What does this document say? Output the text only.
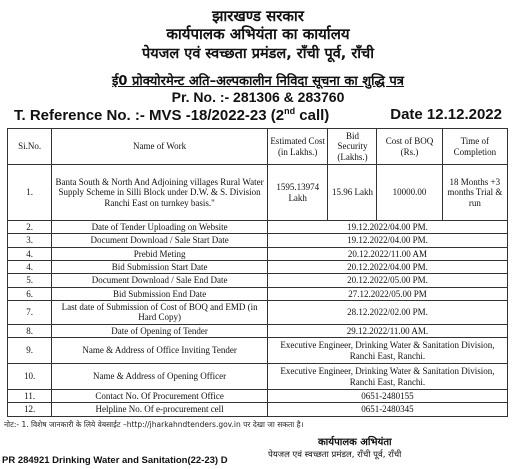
झारखण्ड सरकार
कार्यपालक अभियंता का कार्यालय
पेयजल एवं स्वच्छता प्रमंडल, राँची पूर्व, राँची
ई0 प्रोक्योरमेन्ट अति–अल्पकालीन निविदा सूचना का शुद्धि पत्र
Pr. No. :- 281306 & 283760
T. Reference No. :- MVS -18/2022-23 (2nd call)	Date 12.12.2022
Si.No.	Name of Work	Estimated Cost (in Lakhs.)	Bid Security (Lakhs.)	Cost of BOQ (Rs.)	Time of Completion
1.	Banta South & North And Adjoining villages Rural Water Supply Scheme in Silli Block under D.W. & S. Division Ranchi East on turnkey basis."	1595.13974 Lakh	15.96 Lakh	10000.00	18 Months +3 months Trial & run
2.	Date of Tender Uploading on Website	19.12.2022/04.00 PM.			
3.	Document Download / Sale Start Date	19.12.2022/04.00 PM.			
4.	Prebid Meting	20.12.2022/11.00 AM			
4.	Bid Submission Start Date	20.12.2022/04.00 PM.			
5.	Document Download / Sale End Date	20.12.2022/05.00 PM.			
6.	Bid Submission End Date	27.12.2022/05.00 PM			
7.	Last date of Submission of Cost of BOQ and EMD (in Hard Copy)	28.12.2022/02.00 PM.			
8.	Date of Opening of Tender	29.12.2022/11.00 AM.			
9.	Name & Address of Office Inviting Tender	Executive Engineer, Drinking Water & Sanitation Division, Ranchi East, Ranchi.			
10.	Name & Address of Opening Officer	Executive Engineer, Drinking Water & Sanitation Division, Ranchi East, Ranchi.			
11.	Contact No. Of Procurement Office	0651-2480155			
12.	Helpline No. Of e-procurement cell	0651-2480345			
नोट:- 1. विशेष जानकारी के लिये वेबसाईट –http://jharkahndtenders.gov.in पर देखा जा सकता है।
कार्यपालक अभियंता
पेयजल एवं स्वच्छता प्रमंडल, राँची पूर्व, राँची
PR 284921 Drinking Water and Sanitation(22-23) D
